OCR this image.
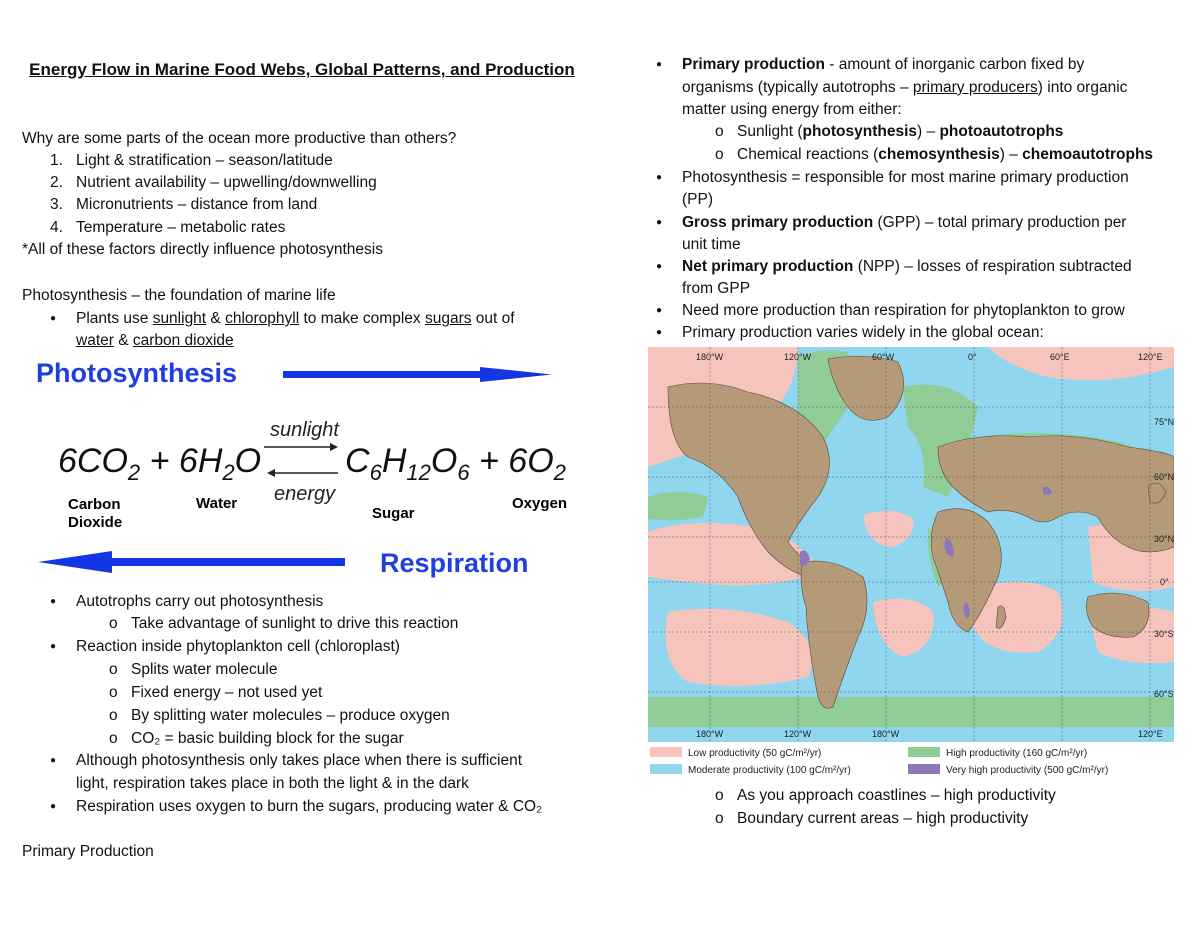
Energy Flow in Marine Food Webs, Global Patterns, and Production
Why are some parts of the ocean more productive than others?
1. Light & stratification – season/latitude
2. Nutrient availability – upwelling/downwelling
3. Micronutrients – distance from land
4. Temperature – metabolic rates
*All of these factors directly influence photosynthesis
Photosynthesis – the foundation of marine life
● Plants use sunlight & chlorophyll to make complex sugars out of
water & carbon dioxide
Photosynthesis
sunlight
$6CO_2 + 6H_2O$ $C_6H_{12}O_6 + 6O_2$
energy
Carbon
Dioxide
Water
Sugar
Oxygen
Respiration
● Autotrophs carry out photosynthesis
o Take advantage of sunlight to drive this reaction
● Reaction inside phytoplankton cell (chloroplast)
o Splits water molecule
o Fixed energy – not used yet
o By splitting water molecules – produce oxygen
o CO₂ = basic building block for the sugar
● Although photosynthesis only takes place when there is sufficient
light, respiration takes place in both the light & in the dark
● Respiration uses oxygen to burn the sugars, producing water & CO₂
Primary Production
● Primary production - amount of inorganic carbon fixed by
organisms (typically autotrophs – primary producers) into organic
matter using energy from either:
o Sunlight (photosynthesis) – photoautotrophs
o Chemical reactions (chemosynthesis) – chemoautotrophs
● Photosynthesis = responsible for most marine primary production
(PP)
● Gross primary production (GPP) – total primary production per
unit time
● Net primary production (NPP) – losses of respiration subtracted
from GPP
● Need more production than respiration for phytoplankton to grow
● Primary production varies widely in the global ocean:
180°W	120°W	60°W	0°	60°E	120°E
75°N
60°N
30°N
0°
30°S
60°S
180°W	120°W	180°W	120°E
Low productivity (50 gC/m²/yr)
Moderate productivity (100 gC/m²/yr)
High productivity (160 gC/m²/yr)
Very high productivity (500 gC/m²/yr)
o As you approach coastlines – high productivity
o Boundary current areas – high productivity
